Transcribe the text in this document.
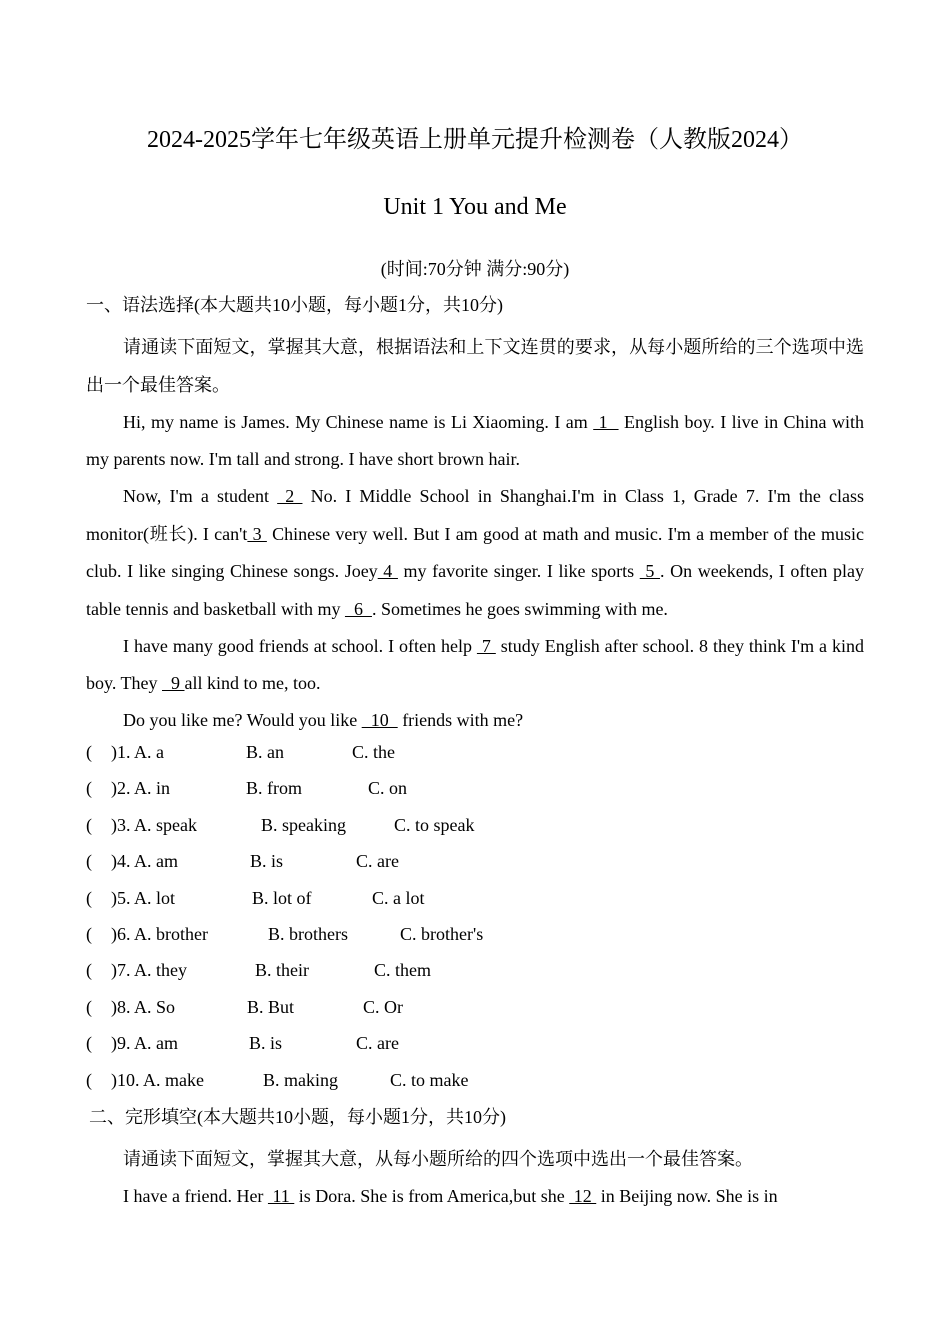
2024-2025学年七年级英语上册单元提升检测卷（人教版2024）
Unit 1 You and Me
(时间:70分钟 满分:90分)
一、语法选择(本大题共10小题，每小题1分，共10分)
请通读下面短文，掌握其大意，根据语法和上下文连贯的要求，从每小题所给的三个选项中选出一个最佳答案。
Hi, my name is James. My Chinese name is Li Xiaoming. I am  1   English boy. I live in China with my parents now. I'm tall and strong. I have short brown hair.
Now, I'm a student  2  No. I Middle School in Shanghai.I'm in Class 1, Grade 7. I'm the class monitor(班长). I can't 3  Chinese very well. But I am good at math and music. I'm a member of the music club. I like singing Chinese songs. Joey 4  my favorite singer. I like sports  5 . On weekends, I often play table tennis and basketball with my   6  . Sometimes he goes swimming with me.
I have many good friends at school. I often help  7  study English after school. 8 they think I'm a kind boy. They   9 all kind to me, too.
Do you like me? Would you like   10   friends with me?
( )1. A. a	B. an	C. the
( )2. A. in	B. from	C. on
( )3. A. speak	B. speaking	C. to speak
( )4. A. am	B. is	C. are
( )5. A. lot	B. lot of	C. a lot
( )6. A. brother	B. brothers	C. brother's
( )7. A. they	B. their	C. them
( )8. A. So	B. But	C. Or
( )9. A. am	B. is	C. are
( )10. A. make	B. making	C. to make
二、完形填空(本大题共10小题，每小题1分，共10分)
请通读下面短文，掌握其大意，从每小题所给的四个选项中选出一个最佳答案。
I have a friend. Her  11  is Dora. She is from America,but she  12  in Beijing now. She is in
